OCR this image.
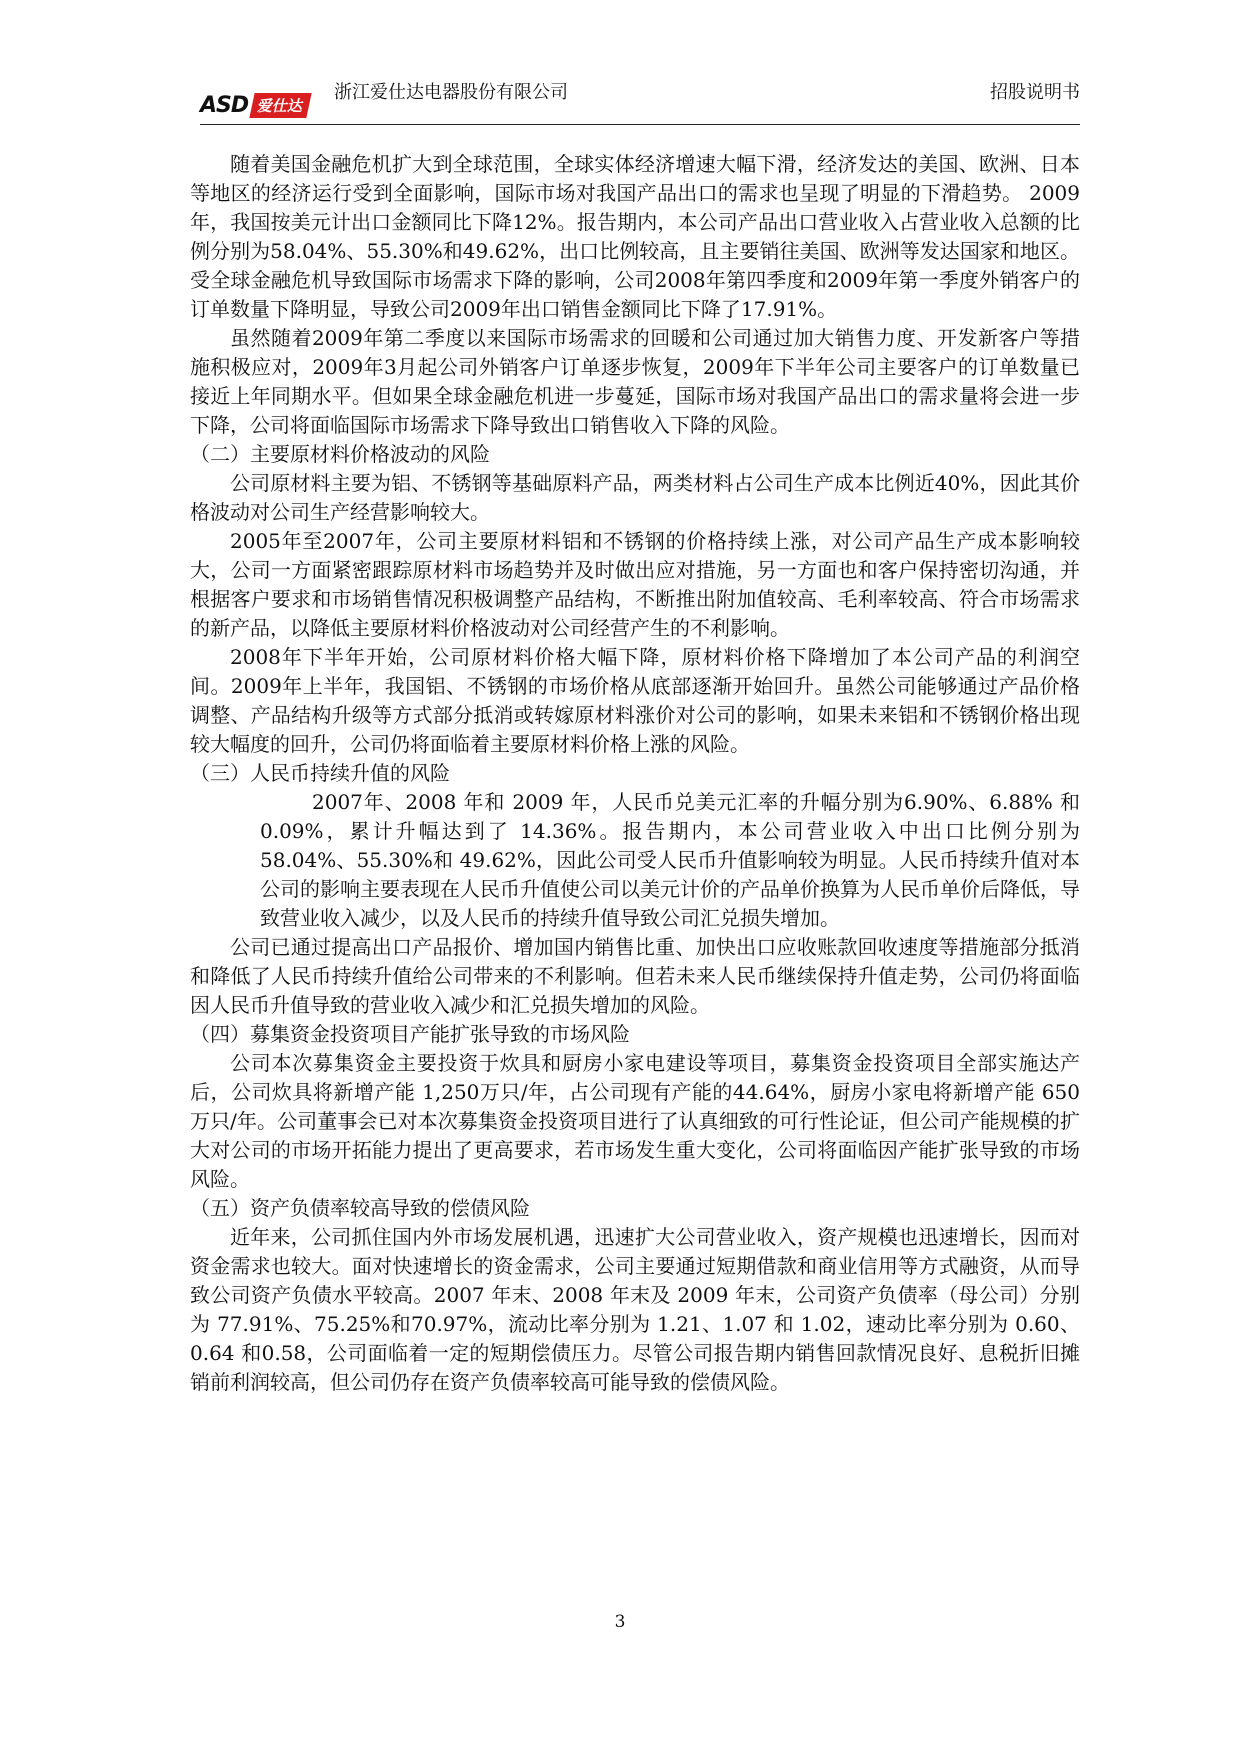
ASD 爱仕达
浙江爱仕达电器股份有限公司	招股说明书

随着美国金融危机扩大到全球范围，全球实体经济增速大幅下滑，经济发达的美国、欧洲、日本等地区的经济运行受到全面影响，国际市场对我国产品出口的需求也呈现了明显的下滑趋势。 2009年，我国按美元计出口金额同比下降12%。报告期内，本公司产品出口营业收入占营业收入总额的比例分别为58.04%、55.30%和49.62%，出口比例较高，且主要销往美国、欧洲等发达国家和地区。受全球金融危机导致国际市场需求下降的影响，公司2008年第四季度和2009年第一季度外销客户的订单数量下降明显，导致公司2009年出口销售金额同比下降了17.91%。

虽然随着2009年第二季度以来国际市场需求的回暖和公司通过加大销售力度、开发新客户等措施积极应对，2009年3月起公司外销客户订单逐步恢复，2009年下半年公司主要客户的订单数量已接近上年同期水平。但如果全球金融危机进一步蔓延，国际市场对我国产品出口的需求量将会进一步下降，公司将面临国际市场需求下降导致出口销售收入下降的风险。

（二）主要原材料价格波动的风险

公司原材料主要为铝、不锈钢等基础原料产品，两类材料占公司生产成本比例近40%，因此其价格波动对公司生产经营影响较大。

2005年至2007年，公司主要原材料铝和不锈钢的价格持续上涨，对公司产品生产成本影响较大，公司一方面紧密跟踪原材料市场趋势并及时做出应对措施，另一方面也和客户保持密切沟通，并根据客户要求和市场销售情况积极调整产品结构，不断推出附加值较高、毛利率较高、符合市场需求的新产品，以降低主要原材料价格波动对公司经营产生的不利影响。

2008年下半年开始，公司原材料价格大幅下降，原材料价格下降增加了本公司产品的利润空间。2009年上半年，我国铝、不锈钢的市场价格从底部逐渐开始回升。虽然公司能够通过产品价格调整、产品结构升级等方式部分抵消或转嫁原材料涨价对公司的影响，如果未来铝和不锈钢价格出现较大幅度的回升，公司仍将面临着主要原材料价格上涨的风险。

（三）人民币持续升值的风险

2007年、2008 年和 2009 年，人民币兑美元汇率的升幅分别为6.90%、6.88% 和 0.09%，累计升幅达到了 14.36%。报告期内，本公司营业收入中出口比例分别为 58.04%、55.30%和 49.62%，因此公司受人民币升值影响较为明显。人民币持续升值对本公司的影响主要表现在人民币升值使公司以美元计价的产品单价换算为人民币单价后降低，导致营业收入减少，以及人民币的持续升值导致公司汇兑损失增加。

公司已通过提高出口产品报价、增加国内销售比重、加快出口应收账款回收速度等措施部分抵消和降低了人民币持续升值给公司带来的不利影响。但若未来人民币继续保持升值走势，公司仍将面临因人民币升值导致的营业收入减少和汇兑损失增加的风险。

（四）募集资金投资项目产能扩张导致的市场风险

公司本次募集资金主要投资于炊具和厨房小家电建设等项目，募集资金投资项目全部实施达产后，公司炊具将新增产能 1,250万只/年，占公司现有产能的44.64%，厨房小家电将新增产能 650万只/年。公司董事会已对本次募集资金投资项目进行了认真细致的可行性论证，但公司产能规模的扩大对公司的市场开拓能力提出了更高要求，若市场发生重大变化，公司将面临因产能扩张导致的市场风险。

（五）资产负债率较高导致的偿债风险

近年来，公司抓住国内外市场发展机遇，迅速扩大公司营业收入，资产规模也迅速增长，因而对资金需求也较大。面对快速增长的资金需求，公司主要通过短期借款和商业信用等方式融资，从而导致公司资产负债水平较高。2007 年末、2008 年末及 2009 年末，公司资产负债率（母公司）分别为 77.91%、75.25%和70.97%，流动比率分别为 1.21、1.07 和 1.02，速动比率分别为 0.60、0.64 和0.58，公司面临着一定的短期偿债压力。尽管公司报告期内销售回款情况良好、息税折旧摊销前利润较高，但公司仍存在资产负债率较高可能导致的偿债风险。

3
